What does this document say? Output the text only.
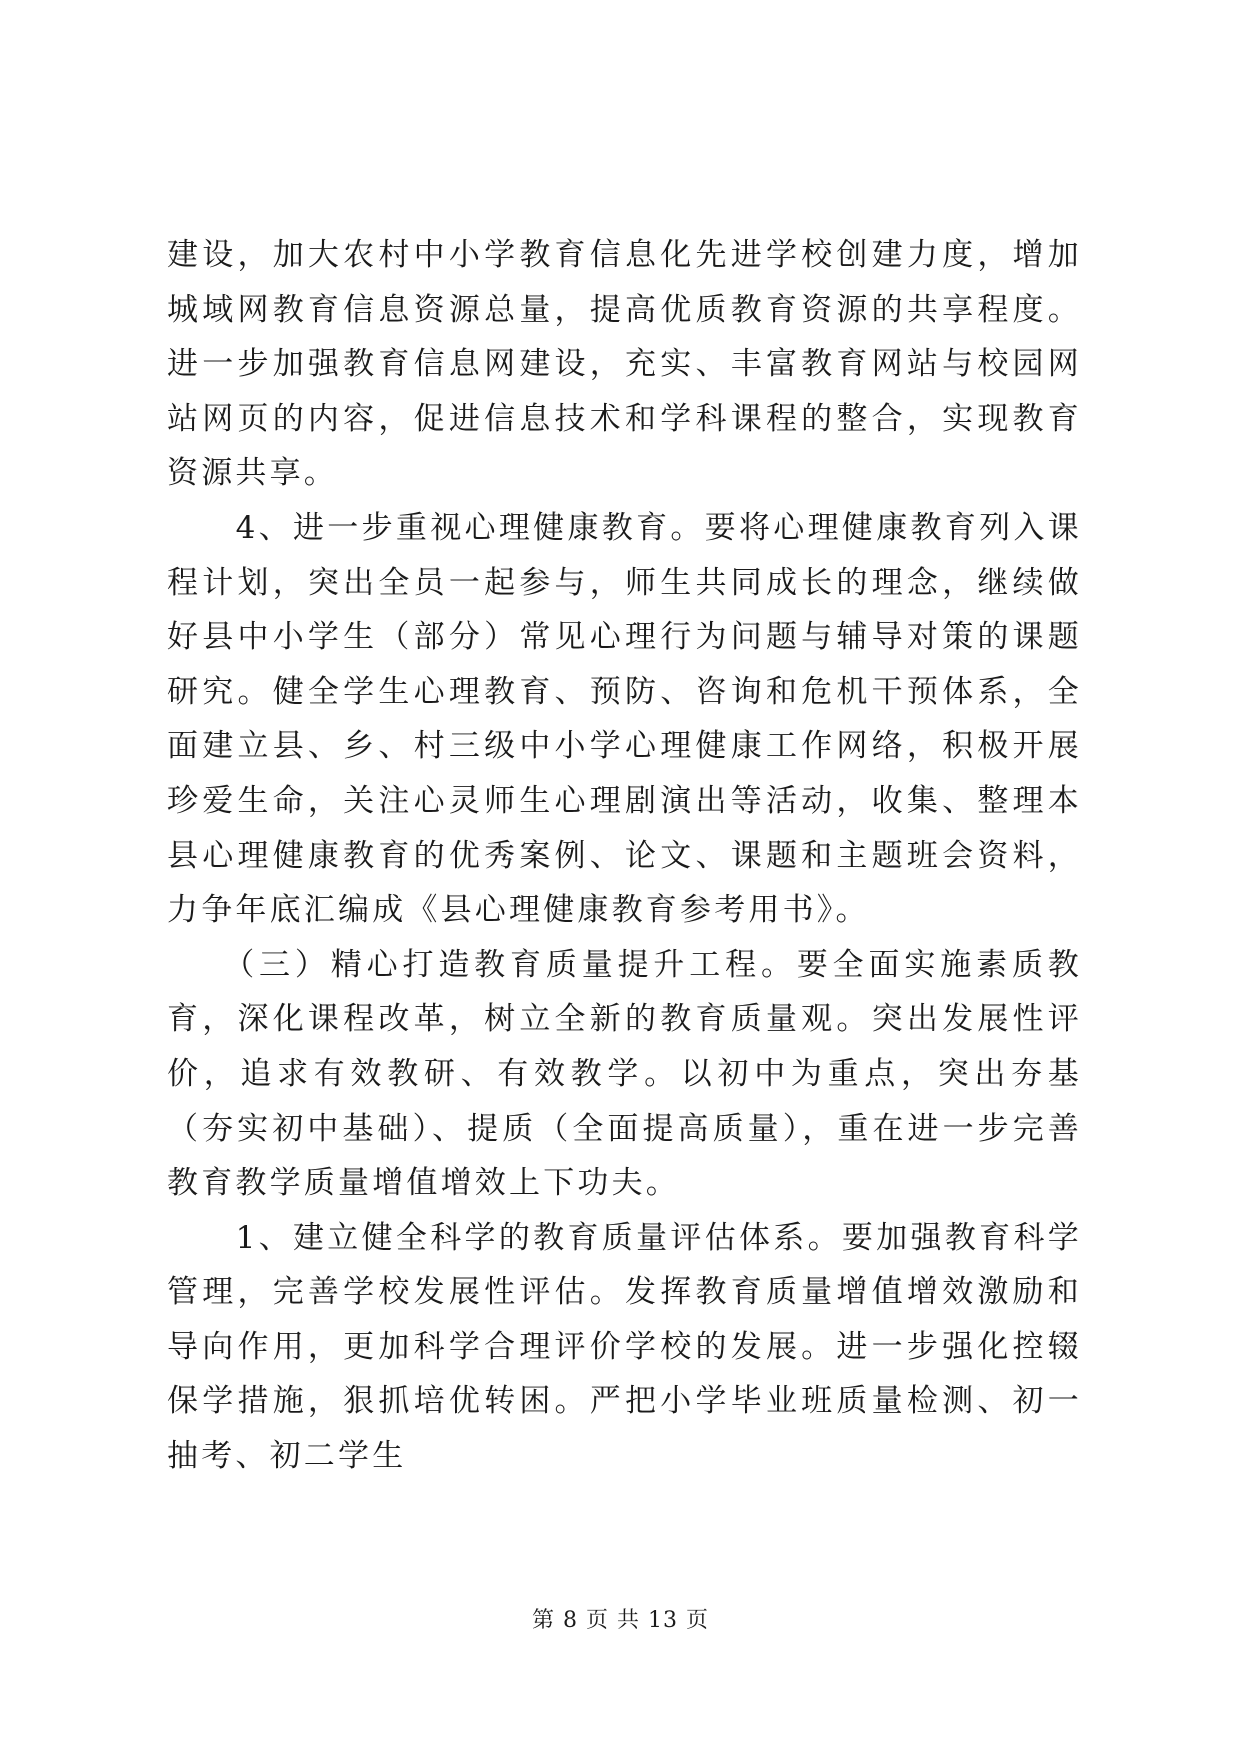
建设，加大农村中小学教育信息化先进学校创建力度，增加城域网教育信息资源总量，提高优质教育资源的共享程度。进一步加强教育信息网建设，充实、丰富教育网站与校园网站网页的内容，促进信息技术和学科课程的整合，实现教育资源共享。

　　4、进一步重视心理健康教育。要将心理健康教育列入课程计划，突出全员一起参与，师生共同成长的理念，继续做好县中小学生（部分）常见心理行为问题与辅导对策的课题研究。健全学生心理教育、预防、咨询和危机干预体系，全面建立县、乡、村三级中小学心理健康工作网络，积极开展珍爱生命，关注心灵师生心理剧演出等活动，收集、整理本县心理健康教育的优秀案例、论文、课题和主题班会资料，力争年底汇编成《县心理健康教育参考用书》。

　　（三）精心打造教育质量提升工程。要全面实施素质教育，深化课程改革，树立全新的教育质量观。突出发展性评价，追求有效教研、有效教学。以初中为重点，突出夯基（夯实初中基础）、提质（全面提高质量），重在进一步完善教育教学质量增值增效上下功夫。

　　1、建立健全科学的教育质量评估体系。要加强教育科学管理，完善学校发展性评估。发挥教育质量增值增效激励和导向作用，更加科学合理评价学校的发展。进一步强化控辍保学措施，狠抓培优转困。严把小学毕业班质量检测、初一抽考、初二学生

第 8 页 共 13 页
